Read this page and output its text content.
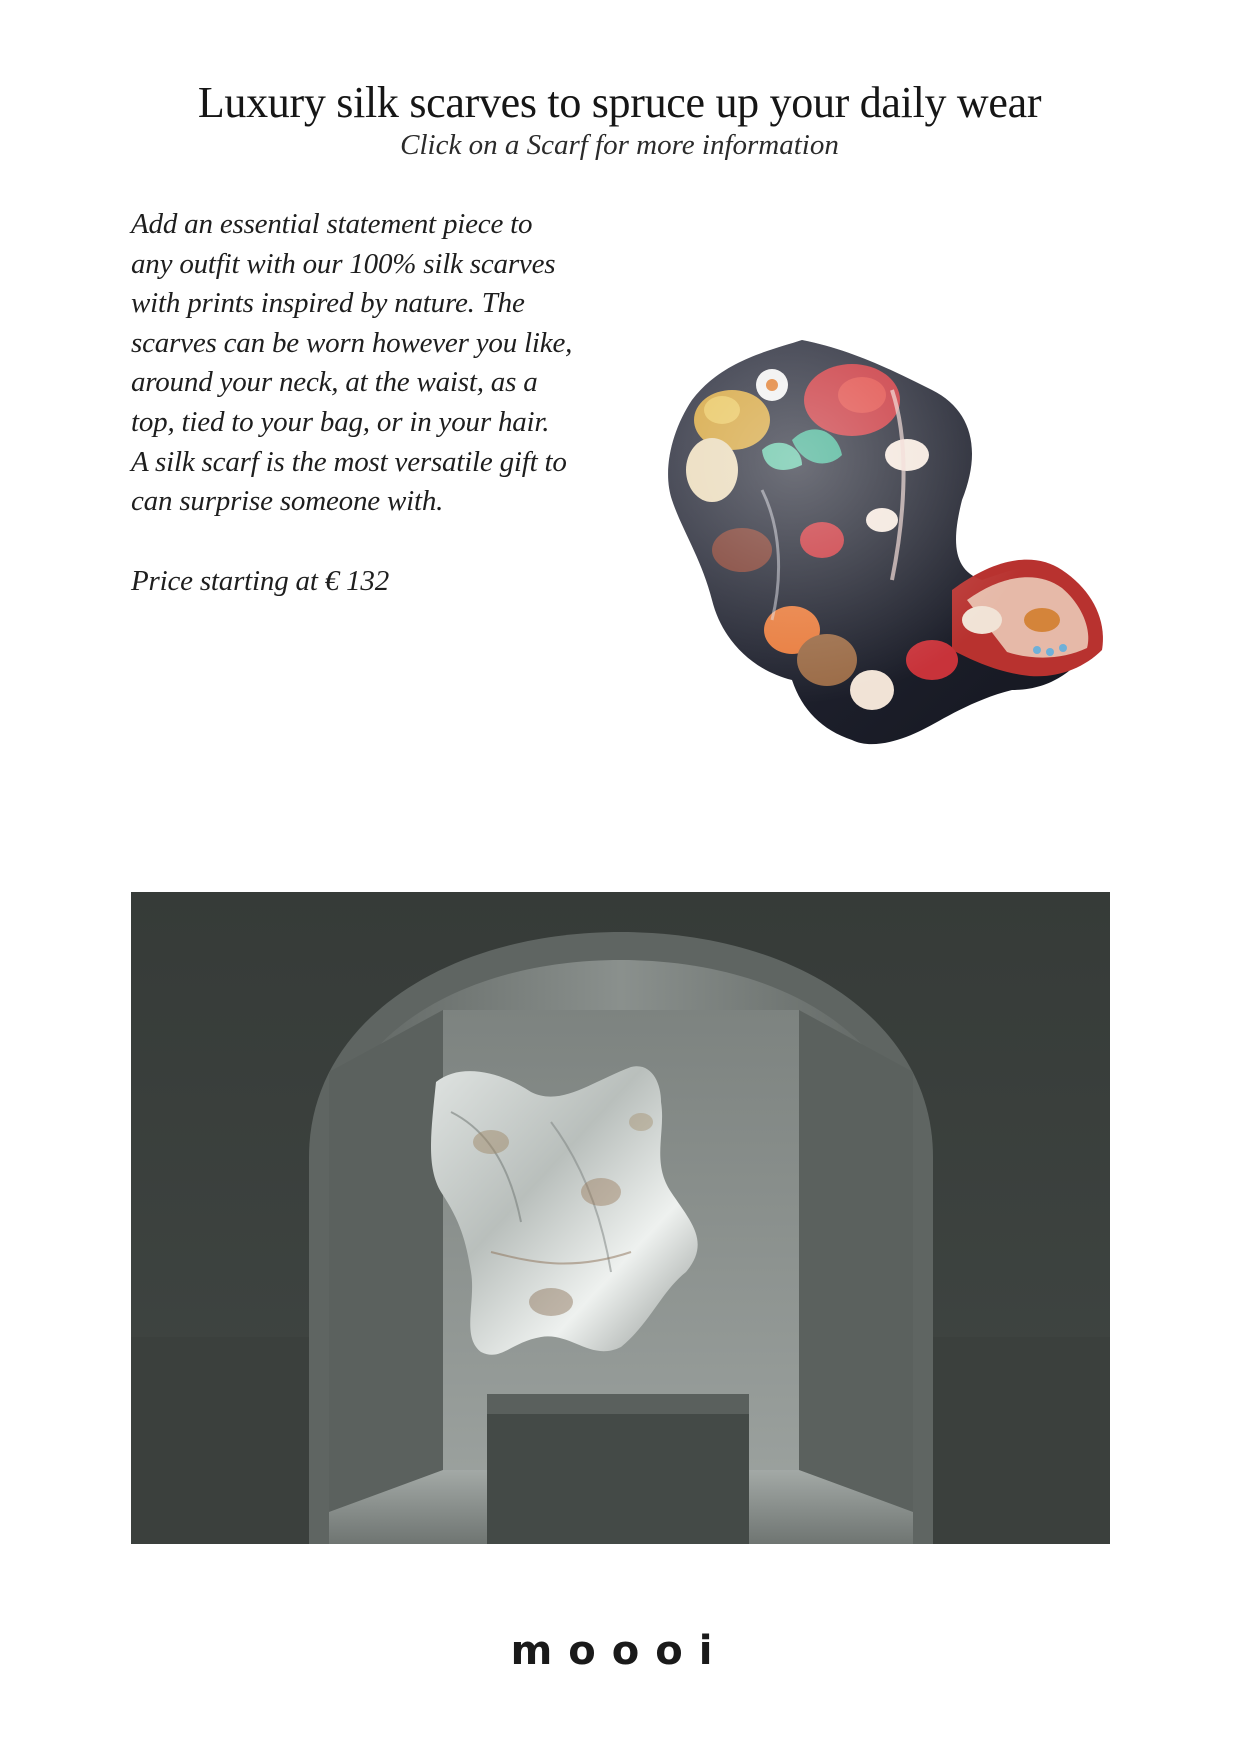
Luxury silk scarves to spruce up your daily wear
Click on a Scarf for more information
Add an essential statement piece to
any outfit with our 100% silk scarves
with prints inspired by nature. The
scarves can be worn however you like,
around your neck, at the waist, as a
top, tied to your bag, or in your hair.
A silk scarf is the most versatile gift to
can surprise someone with.
Price starting at € 132
moooi
